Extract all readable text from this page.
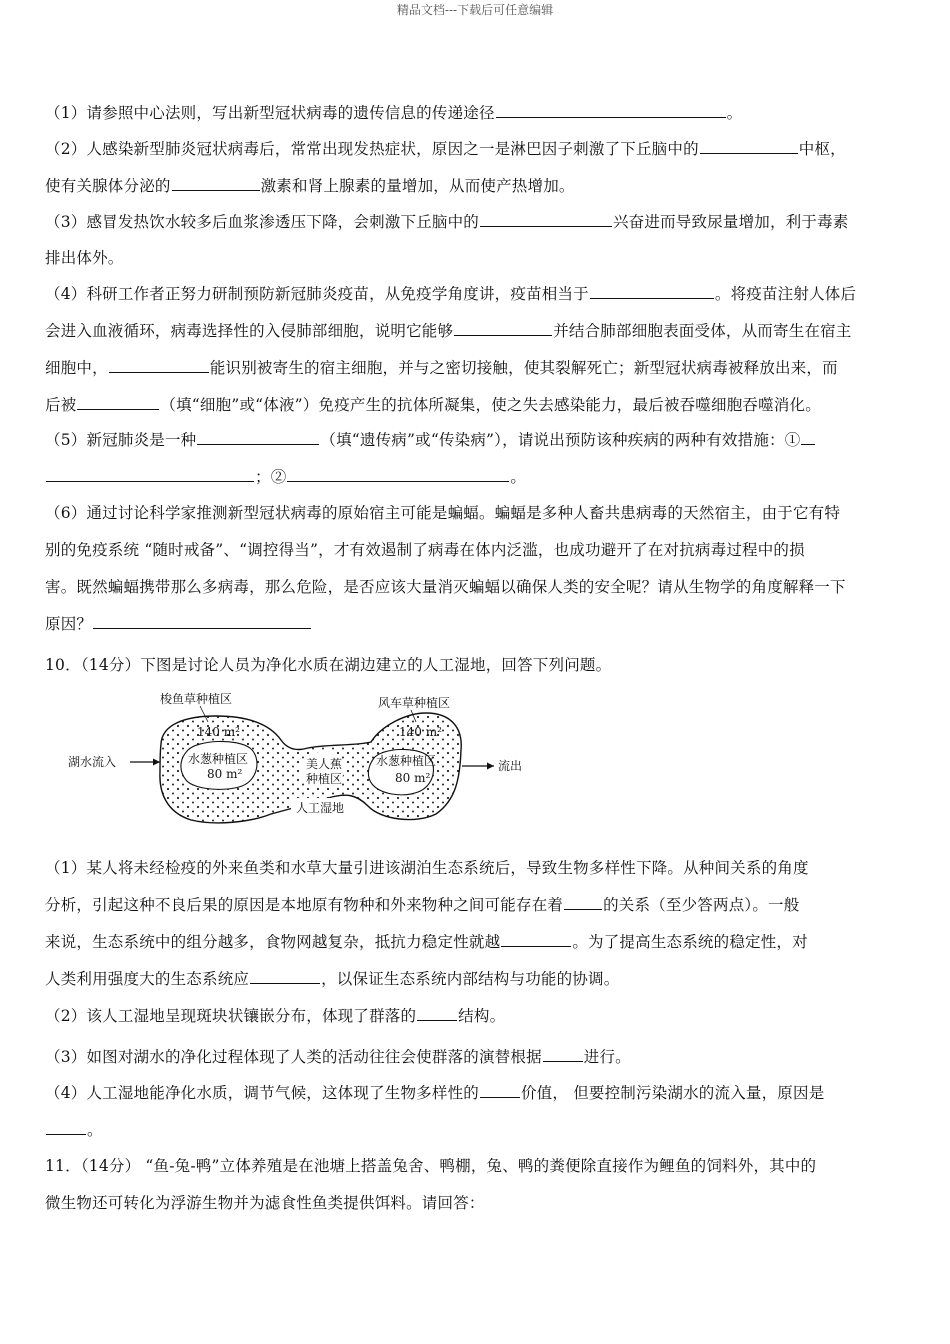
精品文档---下载后可任意编辑
（1）请参照中心法则，写出新型冠状病毒的遗传信息的传递途径	。
（2）人感染新型肺炎冠状病毒后，常常出现发热症状，原因之一是淋巴因子刺激了下丘脑中的	中枢，
使有关腺体分泌的	激素和肾上腺素的量增加，从而使产热增加。
（3）感冒发热饮水较多后血浆渗透压下降，会刺激下丘脑中的	兴奋进而导致尿量增加，利于毒素
排出体外。
（4）科研工作者正努力研制预防新冠肺炎疫苗，从免疫学角度讲，疫苗相当于	。将疫苗注射人体后
会进入血液循环，病毒选择性的入侵肺部细胞，说明它能够	并结合肺部细胞表面受体，从而寄生在宿主
细胞中，	能识别被寄生的宿主细胞，并与之密切接触，使其裂解死亡；新型冠状病毒被释放出来，而
后被	（填“细胞”或“体液”）免疫产生的抗体所凝集，使之失去感染能力，最后被吞噬细胞吞噬消化。
（5）新冠肺炎是一种	（填“遗传病”或“传染病”），请说出预防该种疾病的两种有效措施：①
；②	。
（6）通过讨论科学家推测新型冠状病毒的原始宿主可能是蝙蝠。蝙蝠是多种人畜共患病毒的天然宿主，由于它有特
别的免疫系统 “随时戒备”、“调控得当”，才有效遏制了病毒在体内泛滥，也成功避开了在对抗病毒过程中的损
害。既然蝙蝠携带那么多病毒，那么危险，是否应该大量消灭蝙蝠以确保人类的安全呢？请从生物学的角度解释一下
原因？
10．（14分）下图是讨论人员为净化水质在湖边建立的人工湿地，回答下列问题。
梭鱼草种植区	风车草种植区
140 m²	140 m²
水葱种植区	水葱种植区
80 m²	80 m²
美人蕉
种植区
湖水流入	流出
人工湿地
（1）某人将未经检疫的外来鱼类和水草大量引进该湖泊生态系统后，导致生物多样性下降。从种间关系的角度
分析，引起这种不良后果的原因是本地原有物种和外来物种之间可能存在着	的关系（至少答两点）。一般
来说，生态系统中的组分越多，食物网越复杂，抵抗力稳定性就越	。为了提高生态系统的稳定性，对
人类利用强度大的生态系统应	，以保证生态系统内部结构与功能的协调。
（2）该人工湿地呈现斑块状镶嵌分布，体现了群落的	结构。
（3）如图对湖水的净化过程体现了人类的活动往往会使群落的演替根据	进行。
（4）人工湿地能净化水质，调节气候，这体现了生物多样性的	价值， 但要控制污染湖水的流入量，原因是
。
11．（14分） “鱼-兔-鸭”立体养殖是在池塘上搭盖兔舍、鸭棚，兔、鸭的粪便除直接作为鲤鱼的饲料外，其中的
微生物还可转化为浮游生物并为滤食性鱼类提供饵料。请回答：
